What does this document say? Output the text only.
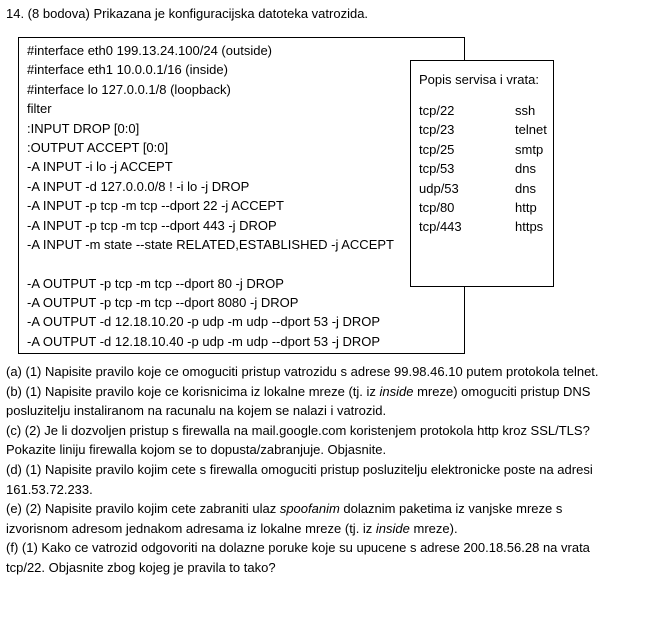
14. (8 bodova) Prikazana je konfiguracijska datoteka vatrozida.
#interface eth0 199.13.24.100/24 (outside)
#interface eth1 10.0.0.1/16 (inside)
#interface lo 127.0.0.1/8 (loopback)
filter
:INPUT DROP [0:0]
:OUTPUT ACCEPT [0:0]
-A INPUT -i lo -j ACCEPT
-A INPUT -d 127.0.0.0/8 ! -i lo -j DROP
-A INPUT -p tcp -m tcp --dport 22 -j ACCEPT
-A INPUT -p tcp -m tcp --dport 443 -j DROP
-A INPUT -m state --state RELATED,ESTABLISHED -j ACCEPT
-A OUTPUT -p tcp -m tcp --dport 80 -j DROP
-A OUTPUT -p tcp -m tcp --dport 8080 -j DROP
-A OUTPUT -d 12.18.10.20 -p udp -m udp --dport 53 -j DROP
-A OUTPUT -d 12.18.10.40 -p udp -m udp --dport 53 -j DROP
Popis servisa i vrata:
tcp/22	ssh
tcp/23	telnet
tcp/25	smtp
tcp/53	dns
udp/53	dns
tcp/80	http
tcp/443	https
(a) (1) Napisite pravilo koje ce omoguciti pristup vatrozidu s adrese 99.98.46.10 putem protokola telnet.
(b) (1) Napisite pravilo koje ce korisnicima iz lokalne mreze (tj. iz inside mreze) omoguciti pristup DNS
posluzitelju instaliranom na racunalu na kojem se nalazi i vatrozid.
(c) (2) Je li dozvoljen pristup s firewalla na mail.google.com koristenjem protokola http kroz SSL/TLS?
Pokazite liniju firewalla kojom se to dopusta/zabranjuje. Objasnite.
(d) (1) Napisite pravilo kojim cete s firewalla omoguciti pristup posluzitelju elektronicke poste na adresi
161.53.72.233.
(e) (2) Napisite pravilo kojim cete zabraniti ulaz spoofanim dolaznim paketima iz vanjske mreze s
izvorisnom adresom jednakom adresama iz lokalne mreze (tj. iz inside mreze).
(f) (1) Kako ce vatrozid odgovoriti na dolazne poruke koje su upucene s adrese 200.18.56.28 na vrata
tcp/22. Objasnite zbog kojeg je pravila to tako?
